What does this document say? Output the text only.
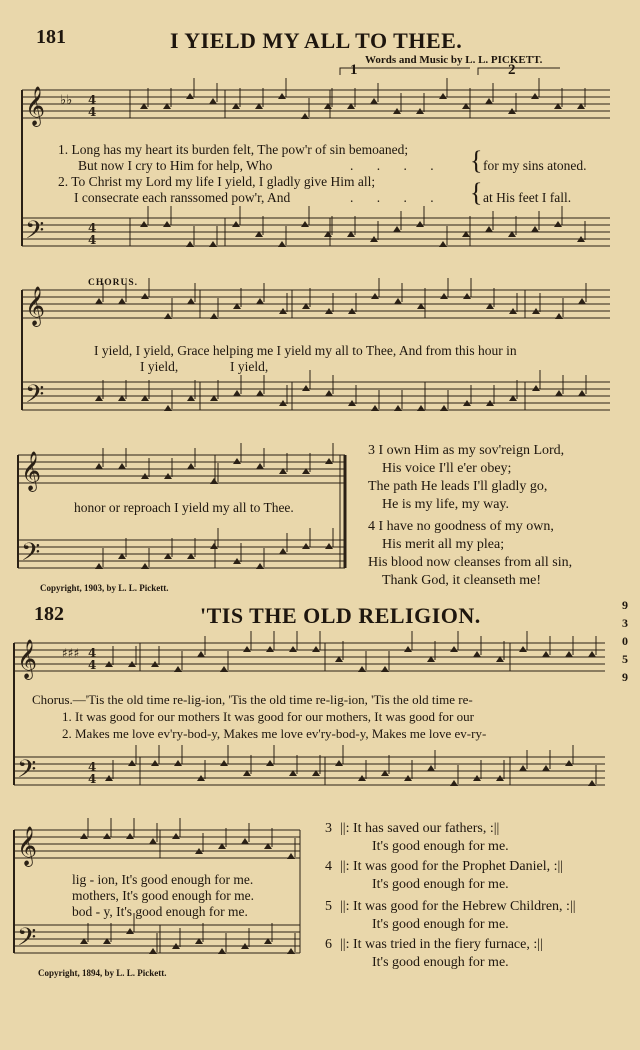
181	I YIELD MY ALL TO THEE.
Words and Music by L. L. PICKETT.
1	2
𝄞
𝄢
𝄞
𝄢
𝄞
𝄢
𝄞
𝄢
𝄞
𝄢
♭♭ 4
4
4
4
♯♯♯ 4
4
4
4
1. Long has my heart its burden felt, The pow'r of sin bemoaned;
But now I cry to Him for help, Who
2. To Christ my Lord my life I yield, I gladly give Him all;
I consecrate each ranssomed pow'r, And
. . . .
. . . .
{
{
for my sins atoned.
at His feet I fall.
CHORUS.
I yield, I yield, Grace helping me I yield my all to Thee, And from this hour in
I yield,	I yield,
honor or reproach I yield my all to Thee.
Copyright, 1903, by L. L. Pickett.
3 I own Him as my sov'reign Lord,
His voice I'll e'er obey;
The path He leads I'll gladly go,
He is my life, my way.
4 I have no goodness of my own,
His merit all my plea;
His blood now cleanses from all sin,
Thank God, it cleanseth me!
182	'TIS THE OLD RELIGION.
Chorus.—'Tis the old time re-lig-ion, 'Tis the old time re-lig-ion, 'Tis the old time re-
1. It was good for our mothers It was good for our mothers, It was good for our
2. Makes me love ev'ry-bod-y, Makes me love ev'ry-bod-y, Makes me love ev-ry-
lig - ion, It's good enough for me.
mothers, It's good enough for me.
bod - y, It's good enough for me.
Copyright, 1894, by L. L. Pickett.
3 ||: It has saved our fathers, :||
It's good enough for me.
4 ||: It was good for the Prophet Daniel, :||
It's good enough for me.
5 ||: It was good for the Hebrew Children, :||
It's good enough for me.
6 ||: It was tried in the fiery furnace, :||
It's good enough for me.
9
3
0
5
9
